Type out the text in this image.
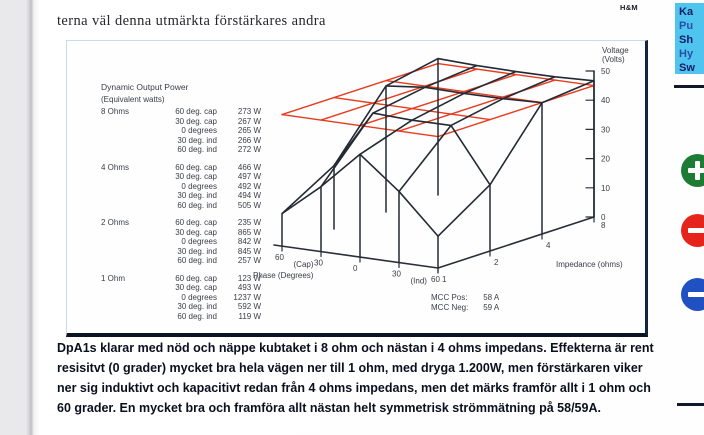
terna väl denna utmärkta förstärkares andra
H&M
60
30
0
30
60
(Cap)
(Ind) 1
2
4
8
0
10
20
30
40
50
Voltage
(Volts)
Phase (Degrees)
Impedance (ohms)
Dynamic Output Power
(Equivalent watts)
8 Ohms	60 deg. cap	273 W
30 deg. cap	267 W
0 degrees	265 W
30 deg. ind	266 W
60 deg. ind	272 W
4 Ohms	60 deg. cap	466 W
30 deg. cap	497 W
0 degrees	492 W
30 deg. ind	494 W
60 deg. ind	505 W
2 Ohms	60 deg. cap	235 W
30 deg. cap	865 W
0 degrees	842 W
30 deg. ind	845 W
60 deg. ind	257 W
1 Ohm	60 deg. cap	123 W
30 deg. cap	493 W
0 degrees	1237 W
30 deg. ind	592 W
60 deg. ind	119 W
MCC Pos: 58 A
MCC Neg: 59 A
DpA1s klarar med nöd och näppe kubtaket i 8 ohm och nästan i 4 ohms impedans. Effekterna är rent
resisitvt (0 grader) mycket bra hela vägen ner till 1 ohm, med dryga 1.200W, men förstärkaren viker
ner sig induktivt och kapacitivt redan från 4 ohms impedans, men det märks framför allt i 1 ohm och
60 grader. En mycket bra och framföra allt nästan helt symmetrisk strömmätning på 58/59A.
Ka
Pu
Sh
Hy
Sw
